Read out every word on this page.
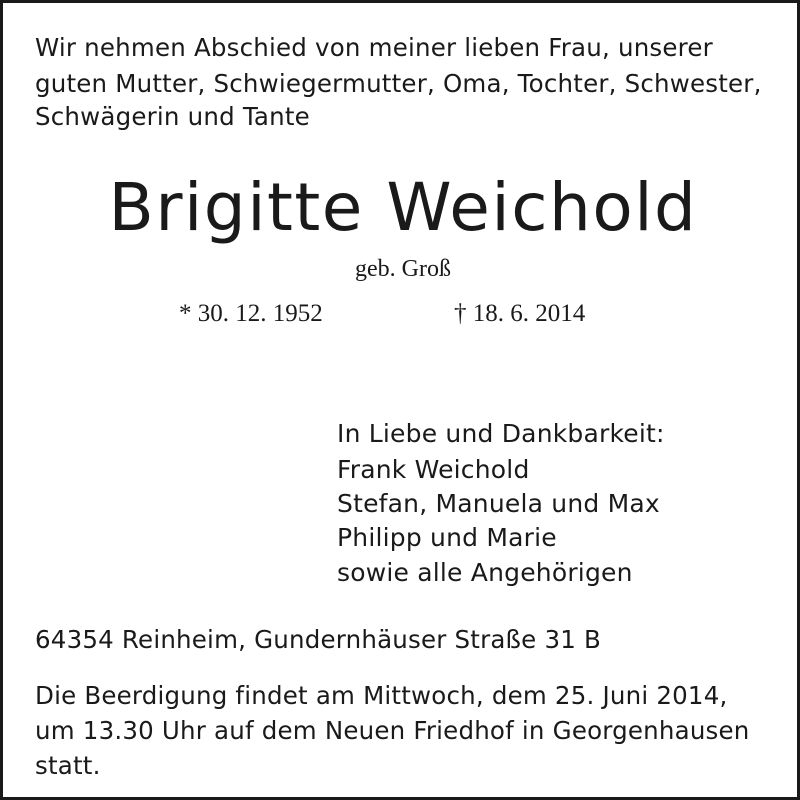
Wir nehmen Abschied von meiner lieben Frau, unserer
guten Mutter, Schwiegermutter, Oma, Tochter, Schwester,
Schwägerin und Tante
Brigitte Weichold
geb. Groß
* 30. 12. 1952	† 18. 6. 2014
In Liebe und Dankbarkeit:
Frank Weichold
Stefan, Manuela und Max
Philipp und Marie
sowie alle Angehörigen
64354 Reinheim, Gundernhäuser Straße 31 B
Die Beerdigung findet am Mittwoch, dem 25. Juni 2014,
um 13.30 Uhr auf dem Neuen Friedhof in Georgenhausen
statt.
